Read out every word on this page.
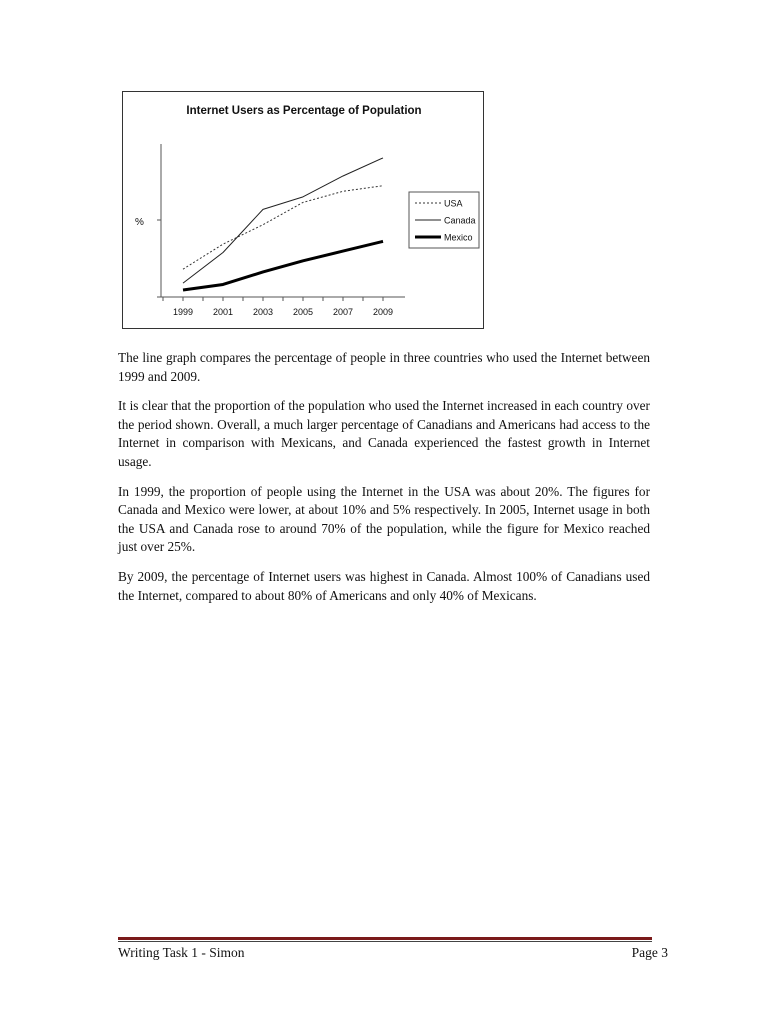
Internet Users as Percentage of Population
%
1999 2001 2003 2005 2007 2009
USA
Canada
Mexico

The line graph compares the percentage of people in three countries who used the Internet between 1999 and 2009.

It is clear that the proportion of the population who used the Internet increased in each country over the period shown. Overall, a much larger percentage of Canadians and Americans had access to the Internet in comparison with Mexicans, and Canada experienced the fastest growth in Internet usage.

In 1999, the proportion of people using the Internet in the USA was about 20%. The figures for Canada and Mexico were lower, at about 10% and 5% respectively. In 2005, Internet usage in both the USA and Canada rose to around 70% of the population, while the figure for Mexico reached just over 25%.

By 2009, the percentage of Internet users was highest in Canada. Almost 100% of Canadians used the Internet, compared to about 80% of Americans and only 40% of Mexicans.

Writing Task 1 - Simon	Page 3
